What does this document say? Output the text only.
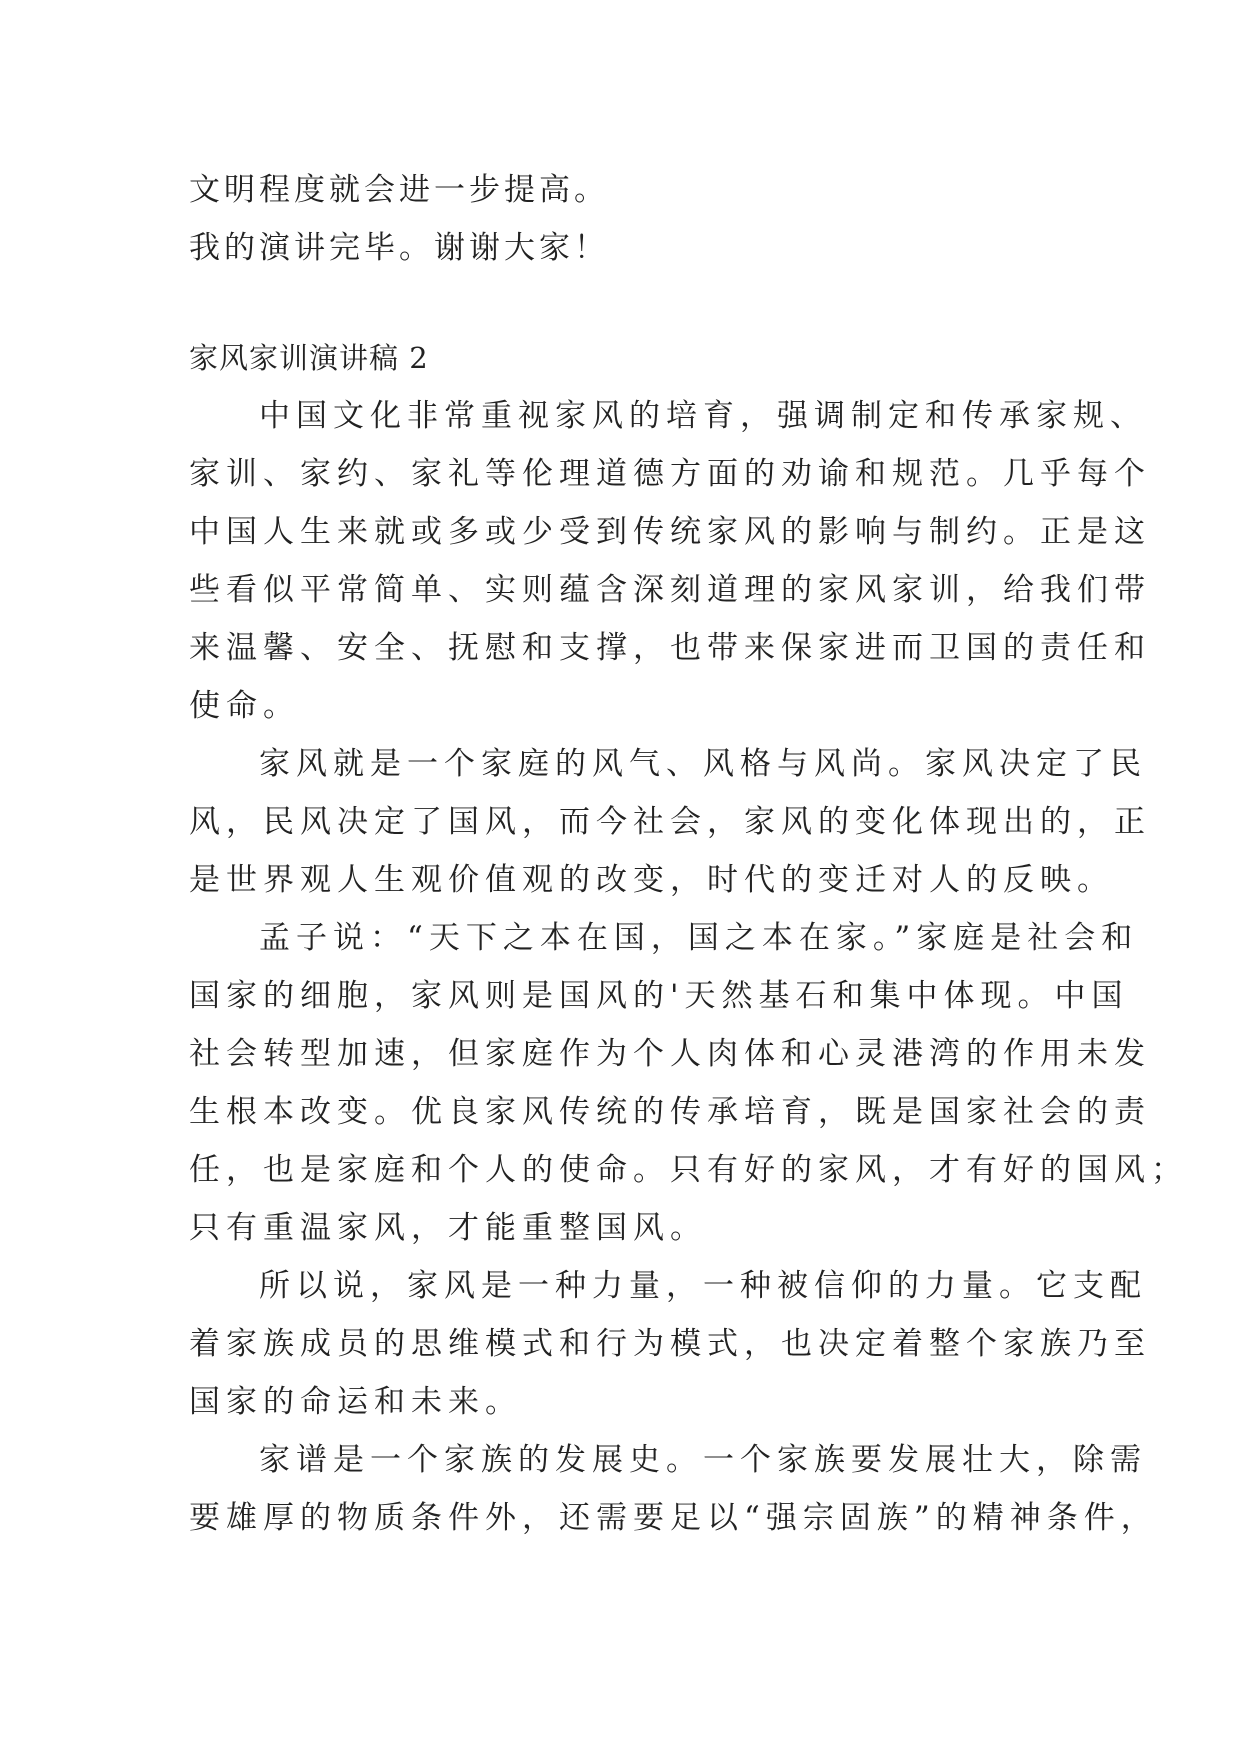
文明程度就会进一步提高。
我的演讲完毕。谢谢大家！
家风家训演讲稿 2
中国文化非常重视家风的培育，强调制定和传承家规、
家训、家约、家礼等伦理道德方面的劝谕和规范。几乎每个
中国人生来就或多或少受到传统家风的影响与制约。正是这
些看似平常简单、实则蕴含深刻道理的家风家训，给我们带
来温馨、安全、抚慰和支撑，也带来保家进而卫国的责任和
使命。
家风就是一个家庭的风气、风格与风尚。家风决定了民
风，民风决定了国风，而今社会，家风的变化体现出的，正
是世界观人生观价值观的改变，时代的变迁对人的反映。
孟子说：“天下之本在国，国之本在家。”家庭是社会和
国家的细胞，家风则是国风的'天然基石和集中体现。中国
社会转型加速，但家庭作为个人肉体和心灵港湾的作用未发
生根本改变。优良家风传统的传承培育，既是国家社会的责
任，也是家庭和个人的使命。只有好的家风，才有好的国风；
只有重温家风，才能重整国风。
所以说，家风是一种力量，一种被信仰的力量。它支配
着家族成员的思维模式和行为模式，也决定着整个家族乃至
国家的命运和未来。
家谱是一个家族的发展史。一个家族要发展壮大，除需
要雄厚的物质条件外，还需要足以“强宗固族”的精神条件，
